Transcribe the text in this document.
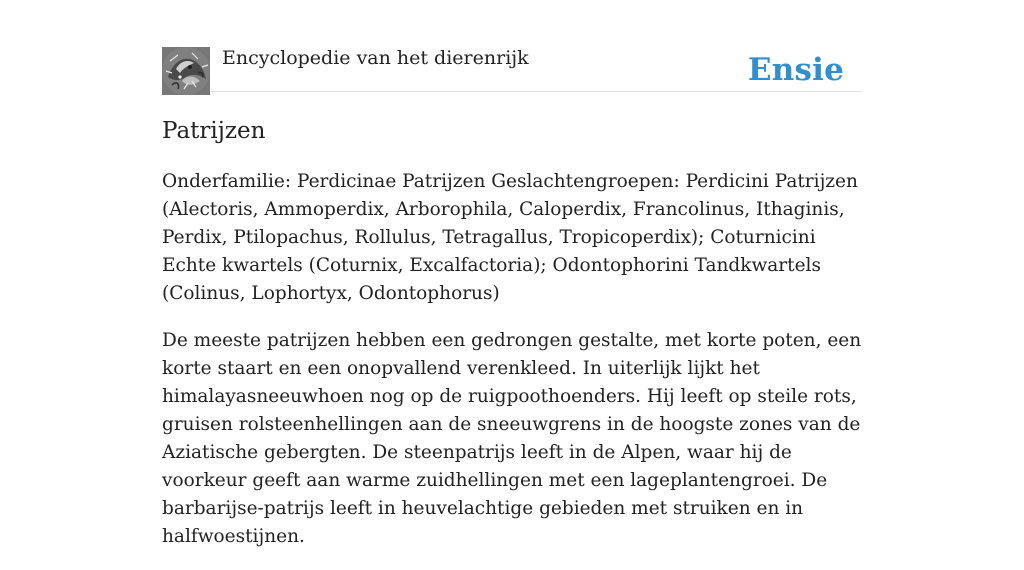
Encyclopedie van het dierenrijk	Ensie
Patrijzen

Onderfamilie: Perdicinae Patrijzen Geslachtengroepen: Perdicini Patrijzen (Alectoris, Ammoperdix, Arborophila, Caloperdix, Francolinus, Ithaginis, Perdix, Ptilopachus, Rollulus, Tetragallus, Tropicoperdix); Coturnicini Echte kwartels (Coturnix, Excalfactoria); Odontophorini Tandkwartels (Colinus, Lophortyx, Odontophorus)

De meeste patrijzen hebben een gedrongen gestalte, met korte poten, een korte staart en een onopvallend verenkleed. In uiterlijk lijkt het himalayasneeuwhoen nog op de ruigpoothoenders. Hij leeft op steile rots, gruisen rolsteenhellingen aan de sneeuwgrens in de hoogste zones van de Aziatische gebergten. De steenpatrijs leeft in de Alpen, waar hij de voorkeur geeft aan warme zuidhellingen met een lageplantengroei. De barbarijse-patrijs leeft in heuvelachtige gebieden met struiken en in halfwoestijnen.
